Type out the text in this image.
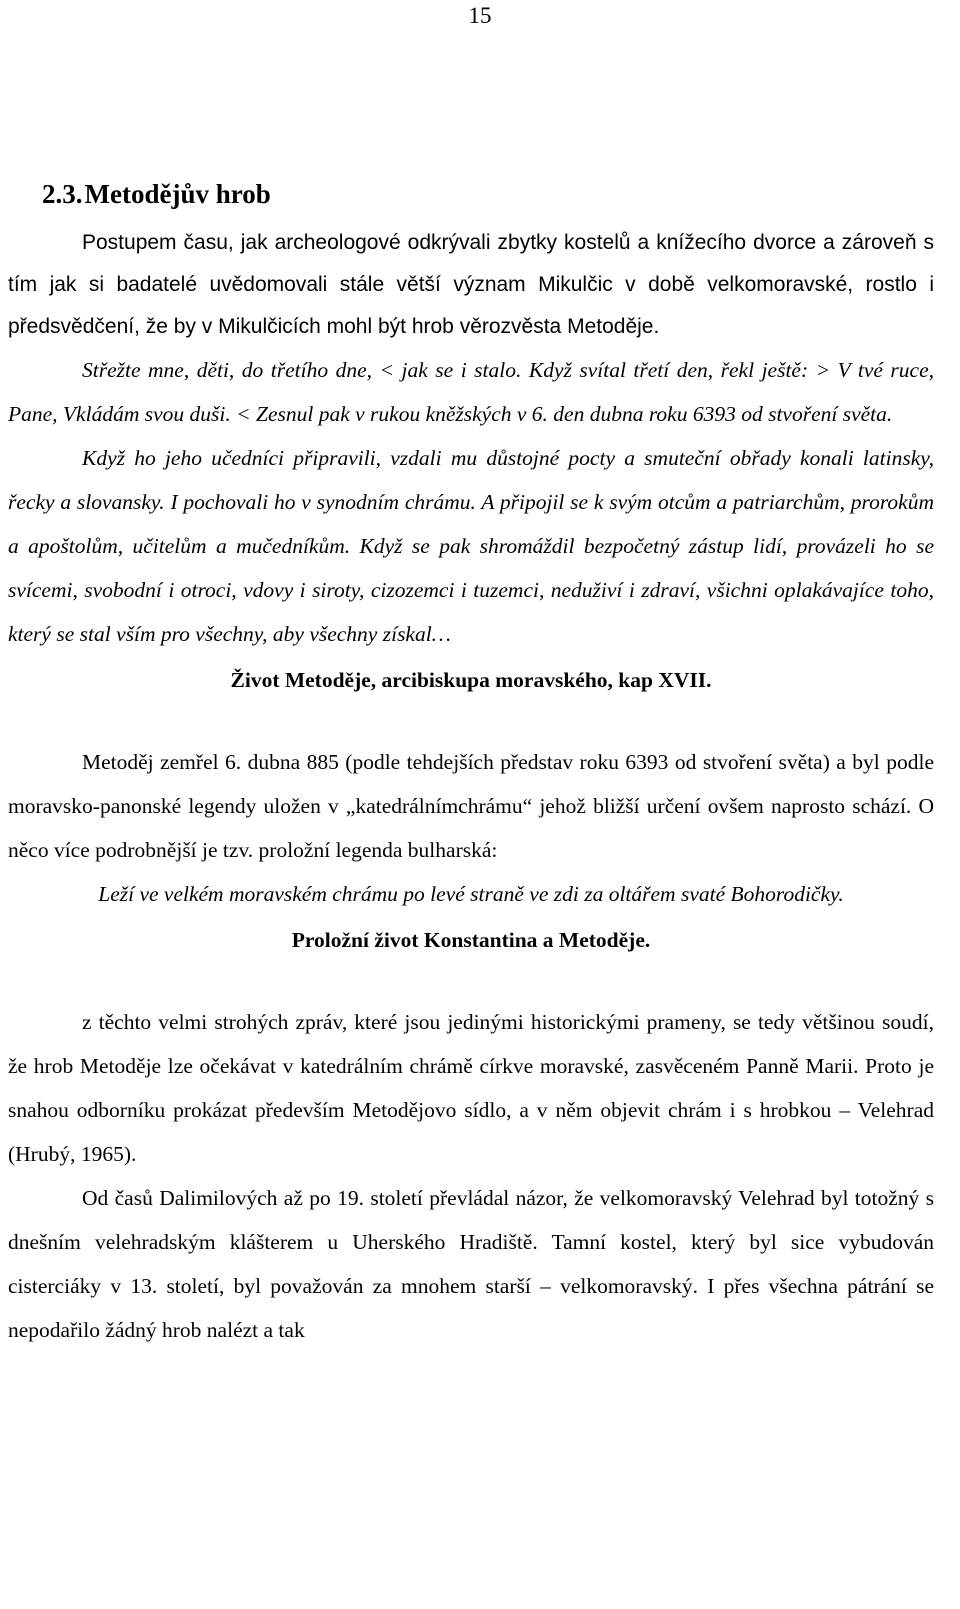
15
2.3.Metodějův hrob

Postupem času, jak archeologové odkrývali zbytky kostelů a knížecího dvorce a zároveň s tím jak si badatelé uvědomovali stále větší význam Mikulčic v době velkomoravské, rostlo i předsvědčení, že by v Mikulčicích mohl být hrob věrozvěsta Metoděje.

Střežte mne, děti, do třetího dne, < jak se i stalo. Když svítal třetí den, řekl ještě: > V tvé ruce, Pane, Vkládám svou duši. < Zesnul pak v rukou kněžských v 6. den dubna roku 6393 od stvoření světa.

Když ho jeho učedníci připravili, vzdali mu důstojné pocty a smuteční obřady konali latinsky, řecky a slovansky. I pochovali ho v synodním chrámu. A připojil se k svým otcům a patriarchům, prorokům a apoštolům, učitelům a mučedníkům. Když se pak shromáždil bezpočetný zástup lidí, provázeli ho se svícemi, svobodní i otroci, vdovy i siroty, cizozemci i tuzemci, neduživí i zdraví, všichni oplakávajíce toho, který se stal vším pro všechny, aby všechny získal…

Život Metoděje, arcibiskupa moravského, kap XVII.

Metoděj zemřel 6. dubna 885 (podle tehdejších představ roku 6393 od stvoření světa) a byl podle moravsko-panonské legendy uložen v „katedrálnímchrámu“ jehož bližší určení ovšem naprosto schází. O něco více podrobnější je tzv. proložní legenda bulharská:

Leží ve velkém moravském chrámu po levé straně ve zdi za oltářem svaté Bohorodičky.

Proložní život Konstantina a Metoděje.

z těchto velmi strohých zpráv, které jsou jedinými historickými prameny, se tedy většinou soudí, že hrob Metoděje lze očekávat v katedrálním chrámě církve moravské, zasvěceném Panně Marii. Proto je snahou odborníku prokázat především Metodějovo sídlo, a v něm objevit chrám i s hrobkou – Velehrad (Hrubý, 1965).

Od časů Dalimilových až po 19. století převládal názor, že velkomoravský Velehrad byl totožný s dnešním velehradským klášterem u Uherského Hradiště. Tamní kostel, který byl sice vybudován cisterciáky v 13. století, byl považován za mnohem starší – velkomoravský. I přes všechna pátrání se nepodařilo žádný hrob nalézt a tak
